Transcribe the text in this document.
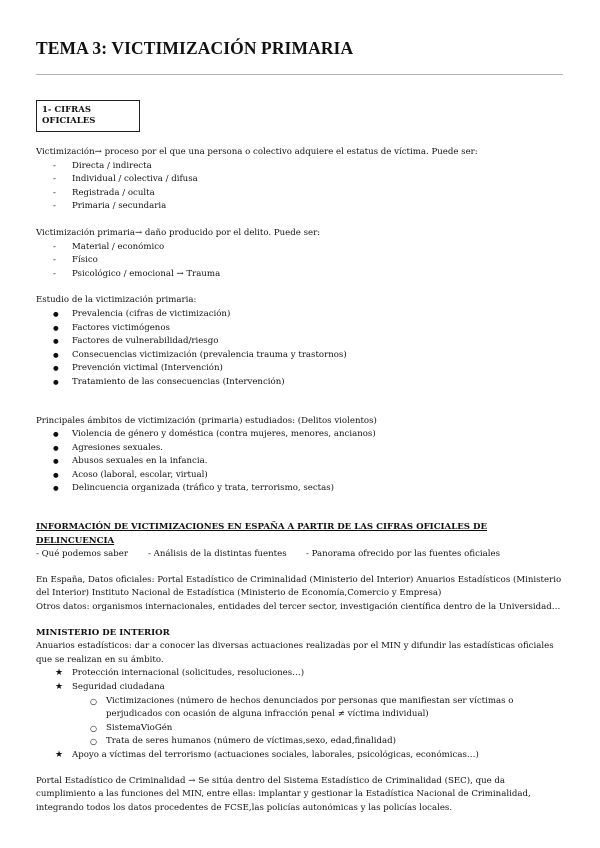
TEMA 3: VICTIMIZACIÓN PRIMARIA
1- CIFRAS
OFICIALES

Victimización→ proceso por el que una persona o colectivo adquiere el estatus de víctima. Puede ser:

- Directa / indirecta
- Individual / colectiva / difusa
- Registrada / oculta
- Primaria / secundaria

Victimización primaria→ daño producido por el delito. Puede ser:

- Material / económico
- Físico
- Psicológico / emocional → Trauma

Estudio de la victimización primaria:

● Prevalencia (cifras de victimización)
● Factores victimógenos
● Factores de vulnerabilidad/riesgo
● Consecuencias victimización (prevalencia trauma y trastornos)
● Prevención victimal (Intervención)
● Tratamiento de las consecuencias (Intervención)

Principales ámbitos de victimización (primaria) estudiados: (Delitos violentos)

● Violencia de género y doméstica (contra mujeres, menores, ancianos)
● Agresiones sexuales.
● Abusos sexuales en la infancia.
● Acoso (laboral, escolar, virtual)
● Delincuencia organizada (tráfico y trata, terrorismo, sectas)

INFORMACIÓN DE VICTIMIZACIONES EN ESPAÑA A PARTIR DE LAS CIFRAS OFICIALES DE DELINCUENCIA

- Qué podemos saber	- Análisis de la distintas fuentes	- Panorama ofrecido por las fuentes oficiales

En España, Datos oficiales: Portal Estadístico de Criminalidad (Ministerio del Interior) Anuarios Estadísticos (Ministerio del Interior) Instituto Nacional de Estadística (Ministerio de Economía,Comercio y Empresa)

Otros datos: organismos internacionales, entidades del tercer sector, investigación científica dentro de la Universidad…

MINISTERIO DE INTERIOR

Anuarios estadísticos: dar a conocer las diversas actuaciones realizadas por el MIN y difundir las estadísticas oficiales que se realizan en su ámbito.

★ Protección internacional (solicitudes, resoluciones…)
★ Seguridad ciudadana
○ Victimizaciones (número de hechos denunciados por personas que manifiestan ser víctimas o perjudicados con ocasión de alguna infracción penal ≠ víctima individual)
○ SistemaVioGén
○ Trata de seres humanos (número de víctimas,sexo, edad,finalidad)
★ Apoyo a víctimas del terrorismo (actuaciones sociales, laborales, psicológicas, económicas…)

Portal Estadístico de Criminalidad → Se sitúa dentro del Sistema Estadístico de Criminalidad (SEC), que da cumplimiento a las funciones del MIN, entre ellas: implantar y gestionar la Estadística Nacional de Criminalidad, integrando todos los datos procedentes de FCSE,las policías autonómicas y las policías locales.
